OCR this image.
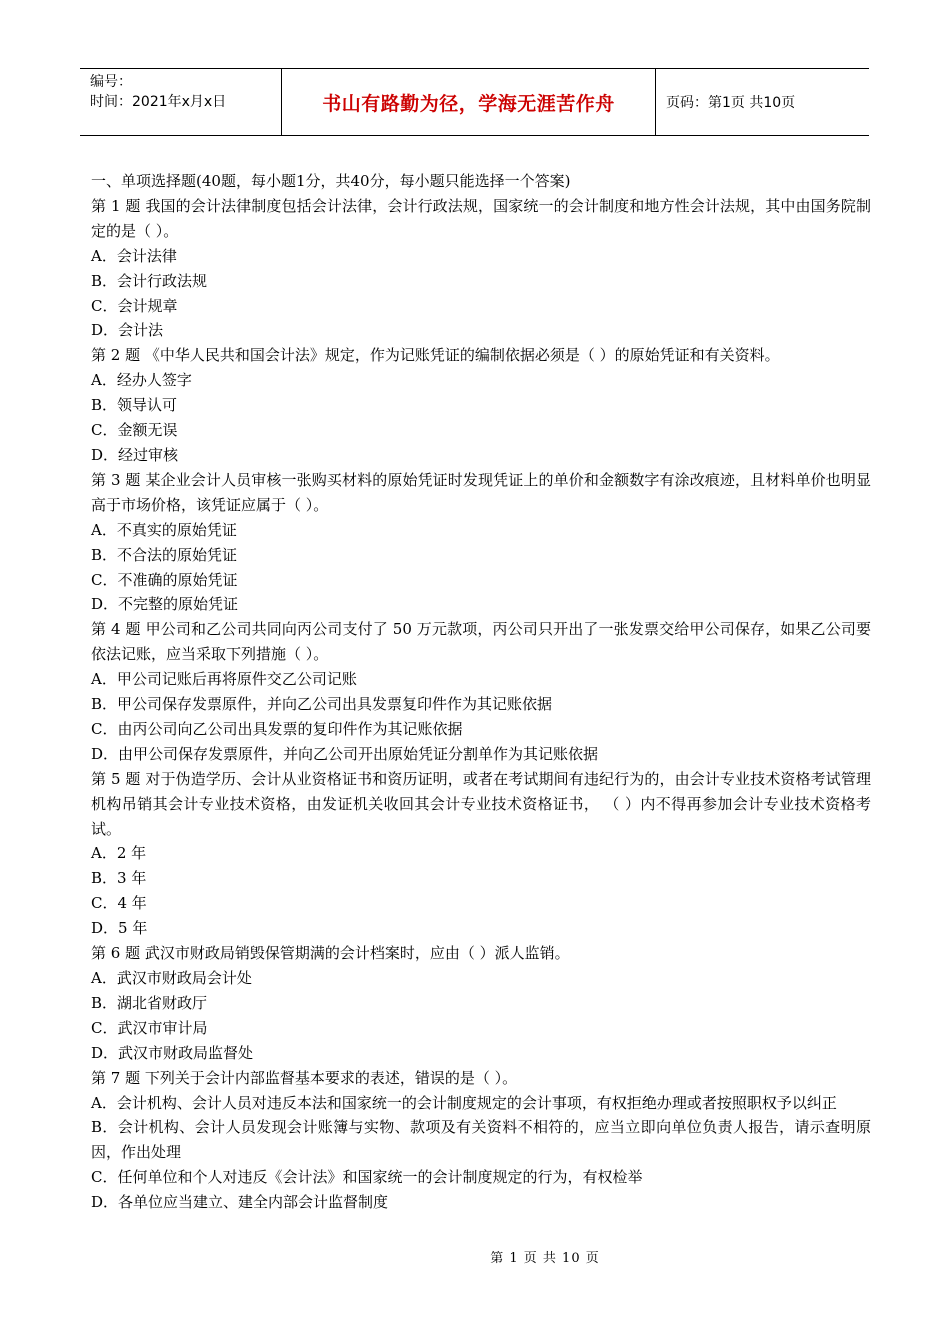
编号：
时间：2021年x月x日	书山有路勤为径，学海无涯苦作舟	页码：第1页 共10页

一、单项选择题(40题，每小题1分，共40分，每小题只能选择一个答案)

第 1 题 我国的会计法律制度包括会计法律，会计行政法规，国家统一的会计制度和地方性会计法规，其中由国务院制定的是（ ）。

A．会计法律

B．会计行政法规

C．会计规章

D．会计法

第 2 题 《中华人民共和国会计法》规定，作为记账凭证的编制依据必须是（ ）的原始凭证和有关资料。

A．经办人签字

B．领导认可

C．金额无误

D．经过审核

第 3 题 某企业会计人员审核一张购买材料的原始凭证时发现凭证上的单价和金额数字有涂改痕迹，且材料单价也明显高于市场价格，该凭证应属于（ ）。

A．不真实的原始凭证

B．不合法的原始凭证

C．不准确的原始凭证

D．不完整的原始凭证

第 4 题 甲公司和乙公司共同向丙公司支付了 50 万元款项，丙公司只开出了一张发票交给甲公司保存，如果乙公司要依法记账，应当采取下列措施（ ）。

A．甲公司记账后再将原件交乙公司记账

B．甲公司保存发票原件，并向乙公司出具发票复印件作为其记账依据

C．由丙公司向乙公司出具发票的复印件作为其记账依据

D．由甲公司保存发票原件，并向乙公司开出原始凭证分割单作为其记账依据

第 5 题 对于伪造学历、会计从业资格证书和资历证明，或者在考试期间有违纪行为的，由会计专业技术资格考试管理机构吊销其会计专业技术资格，由发证机关收回其会计专业技术资格证书， （ ）内不得再参加会计专业技术资格考试。

A．2 年

B．3 年

C．4 年

D．5 年

第 6 题 武汉市财政局销毁保管期满的会计档案时，应由（ ）派人监销。

A．武汉市财政局会计处

B．湖北省财政厅

C．武汉市审计局

D．武汉市财政局监督处

第 7 题 下列关于会计内部监督基本要求的表述，错误的是（ ）。

A．会计机构、会计人员对违反本法和国家统一的会计制度规定的会计事项，有权拒绝办理或者按照职权予以纠正

B．会计机构、会计人员发现会计账簿与实物、款项及有关资料不相符的，应当立即向单位负责人报告，请示查明原因，作出处理

C．任何单位和个人对违反《会计法》和国家统一的会计制度规定的行为，有权检举

D．各单位应当建立、建全内部会计监督制度

第 1 页 共 10 页
